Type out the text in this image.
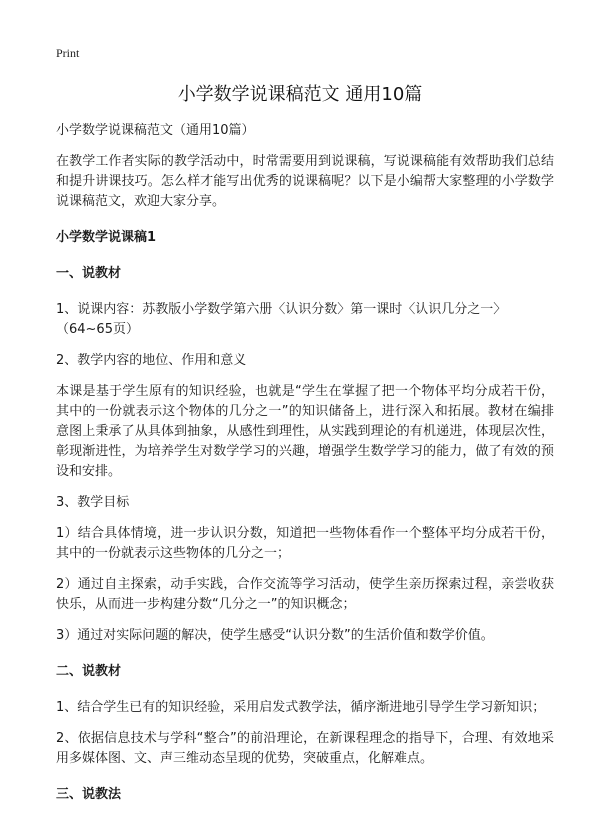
Print
小学数学说课稿范文 通用10篇

小学数学说课稿范文（通用10篇）

在教学工作者实际的教学活动中，时常需要用到说课稿，写说课稿能有效帮助我们总结和提升讲课技巧。怎么样才能写出优秀的说课稿呢？以下是小编帮大家整理的小学数学说课稿范文，欢迎大家分享。

小学数学说课稿1

一、说教材

1、说课内容：苏教版小学数学第六册〈认识分数〉第一课时〈认识几分之一〉（64~65页）

2、教学内容的地位、作用和意义

本课是基于学生原有的知识经验，也就是“学生在掌握了把一个物体平均分成若干份，其中的一份就表示这个物体的几分之一”的知识储备上，进行深入和拓展。教材在编排意图上秉承了从具体到抽象，从感性到理性，从实践到理论的有机递进，体现层次性，彰现渐进性，为培养学生对数学学习的兴趣，增强学生数学学习的能力，做了有效的预设和安排。

3、教学目标

1）结合具体情境，进一步认识分数，知道把一些物体看作一个整体平均分成若干份，其中的一份就表示这些物体的几分之一；

2）通过自主探索，动手实践，合作交流等学习活动，使学生亲历探索过程，亲尝收获快乐，从而进一步构建分数“几分之一”的知识概念；

3）通过对实际问题的解决，使学生感受“认识分数”的生活价值和数学价值。

二、说教材

1、结合学生已有的知识经验，采用启发式教学法，循序渐进地引导学生学习新知识；

2、依据信息技术与学科“整合”的前沿理论，在新课程理念的指导下，合理、有效地采用多媒体图、文、声三维动态呈现的优势，突破重点，化解难点。

三、说教法
